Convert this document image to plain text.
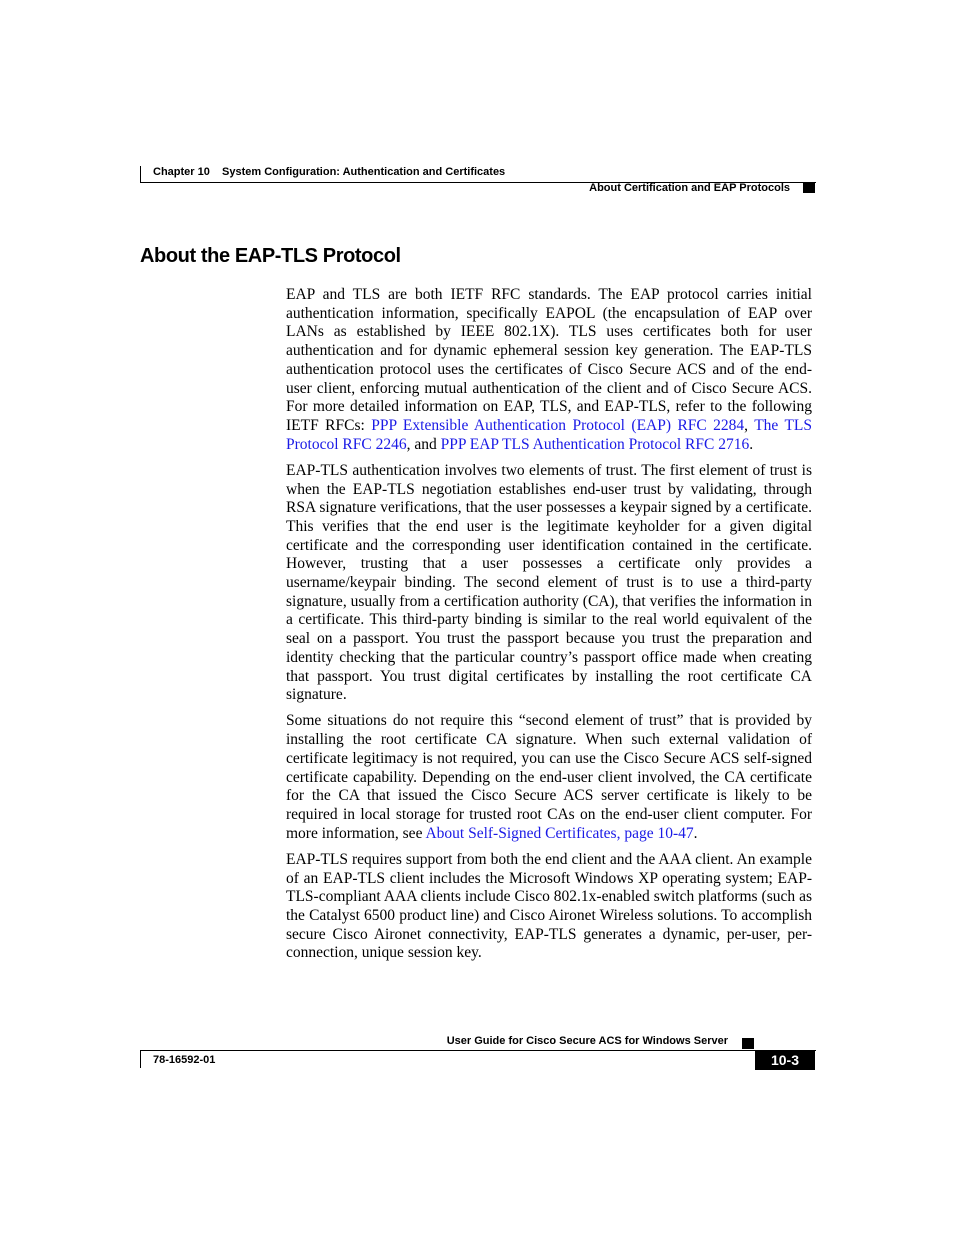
Chapter 10 System Configuration: Authentication and Certificates
About Certification and EAP Protocols
About the EAP-TLS Protocol

EAP and TLS are both IETF RFC standards. The EAP protocol carries initial authentication information, specifically EAPOL (the encapsulation of EAP over LANs as established by IEEE 802.1X). TLS uses certificates both for user authentication and for dynamic ephemeral session key generation. The EAP-TLS authentication protocol uses the certificates of Cisco Secure ACS and of the end-user client, enforcing mutual authentication of the client and of Cisco Secure ACS. For more detailed information on EAP, TLS, and EAP-TLS, refer to the following IETF RFCs: PPP Extensible Authentication Protocol (EAP) RFC 2284, The TLS Protocol RFC 2246, and PPP EAP TLS Authentication Protocol RFC 2716.

EAP-TLS authentication involves two elements of trust. The first element of trust is when the EAP-TLS negotiation establishes end-user trust by validating, through RSA signature verifications, that the user possesses a keypair signed by a certificate. This verifies that the end user is the legitimate keyholder for a given digital certificate and the corresponding user identification contained in the certificate. However, trusting that a user possesses a certificate only provides a username/keypair binding. The second element of trust is to use a third-party signature, usually from a certification authority (CA), that verifies the information in a certificate. This third-party binding is similar to the real world equivalent of the seal on a passport. You trust the passport because you trust the preparation and identity checking that the particular country’s passport office made when creating that passport. You trust digital certificates by installing the root certificate CA signature.

Some situations do not require this “second element of trust” that is provided by installing the root certificate CA signature. When such external validation of certificate legitimacy is not required, you can use the Cisco Secure ACS self-signed certificate capability. Depending on the end-user client involved, the CA certificate for the CA that issued the Cisco Secure ACS server certificate is likely to be required in local storage for trusted root CAs on the end-user client computer. For more information, see About Self-Signed Certificates, page 10-47.

EAP-TLS requires support from both the end client and the AAA client. An example of an EAP-TLS client includes the Microsoft Windows XP operating system; EAP-TLS-compliant AAA clients include Cisco 802.1x-enabled switch platforms (such as the Catalyst 6500 product line) and Cisco Aironet Wireless solutions. To accomplish secure Cisco Aironet connectivity, EAP-TLS generates a dynamic, per-user, per-connection, unique session key.

User Guide for Cisco Secure ACS for Windows Server
78-16592-01	10-3
